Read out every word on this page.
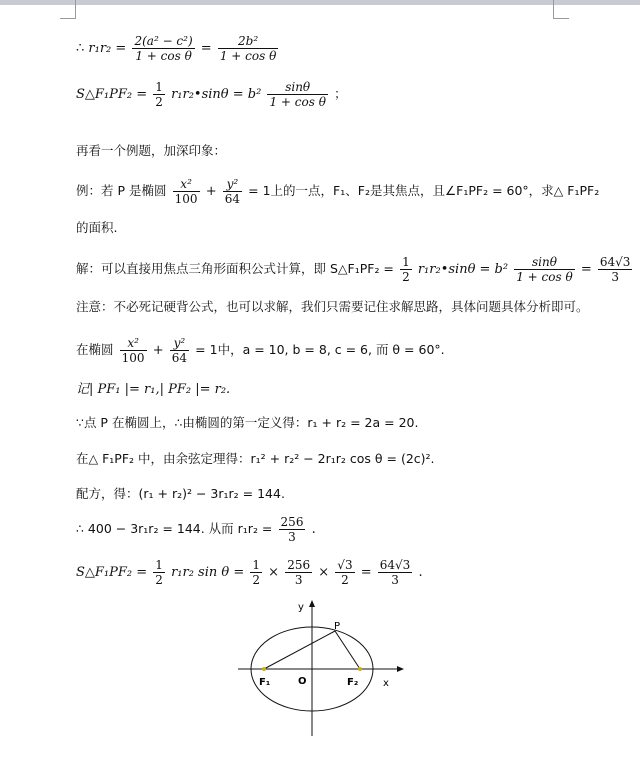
∴ $r_1r_2 = \frac{\text{2(a² − c²)}}{\text{1 + cos θ}} = \frac{\text{2b²}}{\text{1 + cos θ}}$
S△F₁PF₂ = $\frac{1}{2}$ r₁r₂•sinθ = $b^2 \frac{\sin\theta}{\text{1 + cos θ}}$ ；
再看一个例题，加深印象：
例：若 P 是椭圆 $\frac{\text{x²}}{100} + \frac{\text{y²}}{64} = 1$上的一点，F₁、F₂是其焦点，且∠F₁PF₂ = 60°，求△ F₁PF₂
的面积.
解：可以直接用焦点三角形面积公式计算，即 S△F₁PF₂ = $\frac{1}{2}$ r₁r₂•sinθ = $b^2 \frac{\sin\theta}{\text{1 + cos θ}} = \frac{64√3}{3}$
注意：不必死记硬背公式，也可以求解，我们只需要记住求解思路，具体问题具体分析即可。
在椭圆 $\frac{\text{x²}}{100} + \frac{\text{y²}}{64} = 1$中，a = 10, b = 8, c = 6, 而 θ = 60°.
记| PF₁ |= r₁,| PF₂ |= r₂.
∵点 P 在椭圆上，∴由椭圆的第一定义得：r₁ + r₂ = 2a = 20.
在△ F₁PF₂ 中，由余弦定理得：r₁² + r₂² − 2r₁r₂ cos θ = (2c)².
配方，得：(r₁ + r₂)² − 3r₁r₂ = 144.
∴ 400 − 3r₁r₂ = 144. 从而 $r_1r_2 = \frac{256}{3}$ .
S△F₁PF₂ = $\frac{1}{2} r_1r_2$ $\sin \theta = \frac{1}{2} \times \frac{256}{3} \times \frac{√3}{2} = \frac{64√3}{3}$ .
y
x
O
P
F₁	F₂
